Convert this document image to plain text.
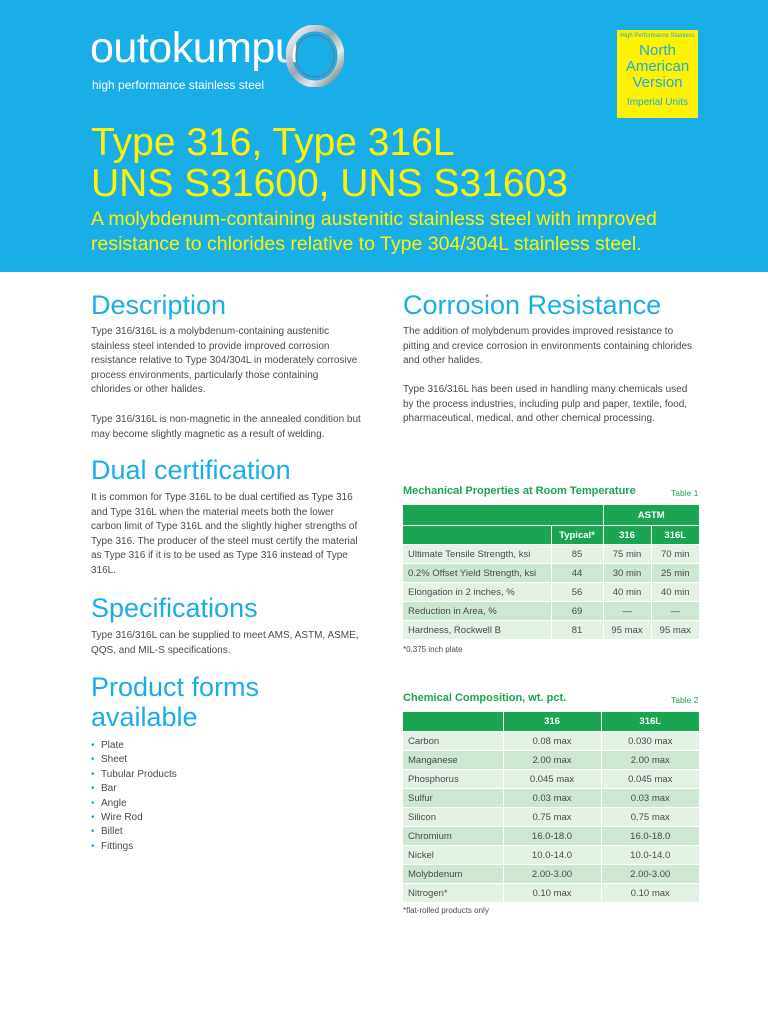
outokumpu
high performance stainless steel
High Performance Stainless
North
American
Version
Imperial Units
Type 316, Type 316L
UNS S31600, UNS S31603
A molybdenum-containing austenitic stainless steel with improved
resistance to chlorides relative to Type 304/304L stainless steel.
Description

Type 316/316L is a molybdenum-containing austenitic stainless steel intended to provide improved corrosion resistance relative to Type 304/304L in moderately corrosive process environments, particularly those containing chlorides or other halides.

Type 316/316L is non-magnetic in the annealed condition but may become slightly magnetic as a result of welding.

Dual certification

It is common for Type 316L to be dual certified as Type 316 and Type 316L when the material meets both the lower carbon limit of Type 316L and the slightly higher strengths of Type 316. The producer of the steel must certify the material as Type 316 if it is to be used as Type 316 instead of Type 316L.

Specifications

Type 316/316L can be supplied to meet AMS, ASTM, ASME, QQS, and MIL-S specifications.

Product forms
available
• Plate
• Sheet
• Tubular Products
• Bar
• Angle
• Wire Rod
• Billet
• Fittings
Corrosion Resistance

The addition of molybdenum provides improved resistance to pitting and crevice corrosion in environments containing chlorides and other halides.

Type 316/316L has been used in handling many chemicals used by the process industries, including pulp and paper, textile, food, pharmaceutical, medical, and other chemical processing.

Mechanical Properties at Room Temperature	Table 1
		ASTM	
	Typical*	316	316L
Ultimate Tensile Strength, ksi	85	75 min	70 min
0.2% Offset Yield Strength, ksi	44	30 min	25 min
Elongation in 2 inches, %	56	40 min	40 min
Reduction in Area, %	69	—	—
Hardness, Rockwell B	81	95 max	95 max
*0.375 inch plate
Chemical Composition, wt. pct.	Table 2
	316	316L
Carbon	0.08 max	0.030 max
Manganese	2.00 max	2.00 max
Phosphorus	0.045 max	0.045 max
Sulfur	0.03 max	0.03 max
Silicon	0.75 max	0.75 max
Chromium	16.0-18.0	16.0-18.0
Nickel	10.0-14.0	10.0-14.0
Molybdenum	2.00-3.00	2.00-3.00
Nitrogen*	0.10 max	0.10 max
*flat-rolled products only
